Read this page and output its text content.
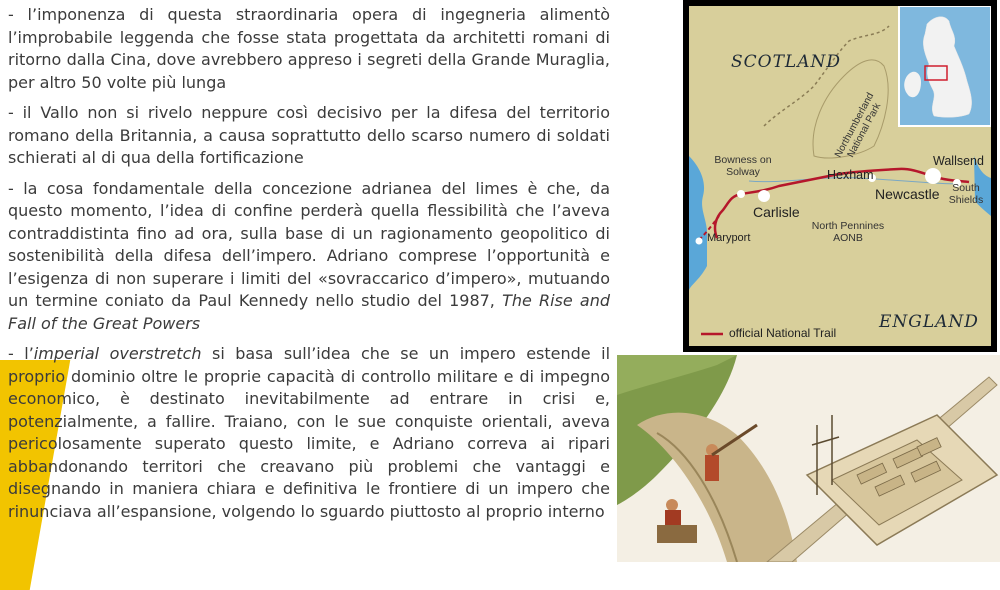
- l’imponenza di questa straordinaria opera di ingegneria alimentò l’improbabile leggenda che fosse stata progettata da architetti romani di ritorno dalla Cina, dove avrebbero appreso i segreti della Grande Muraglia, per altro 50 volte più lunga

- il Vallo non si rivelo neppure così decisivo per la difesa del territorio romano della Britannia, a causa soprattutto dello scarso numero di soldati schierati al di qua della fortificazione

- la cosa fondamentale della concezione adrianea del limes è che, da questo momento, l’idea di confine perderà quella flessibilità che l’aveva contraddistinta fino ad ora, sulla base di un ragionamento geopolitico di sostenibilità della difesa dell’impero. Adriano comprese l’opportunità e l’esigenza di non superare i limiti del «sovraccarico d’impero», mutuando un termine coniato da Paul Kennedy nello studio del 1987, The Rise and Fall of the Great Powers

- l’imperial overstretch si basa sull’idea che se un impero estende il proprio dominio oltre le proprie capacità di controllo militare e di impegno economico, è destinato inevitabilmente ad entrare in crisi e, potenzialmente, a fallire. Traiano, con le sue conquiste orientali, aveva pericolosamente superato questo limite, e Adriano correva ai ripari abbandonando territori che creavano più problemi che vantaggi e disegnando in maniera chiara e definitiva le frontiere di un impero che rinunciava all’espansione, volgendo lo sguardo piuttosto al proprio interno

SCOTLAND
ENGLAND
Northumberland National Park
Bowness on Solway
Carlisle
Hexham
Newcastle
Wallsend
South Shields
Maryport
North Pennines AONB
official National Trail
